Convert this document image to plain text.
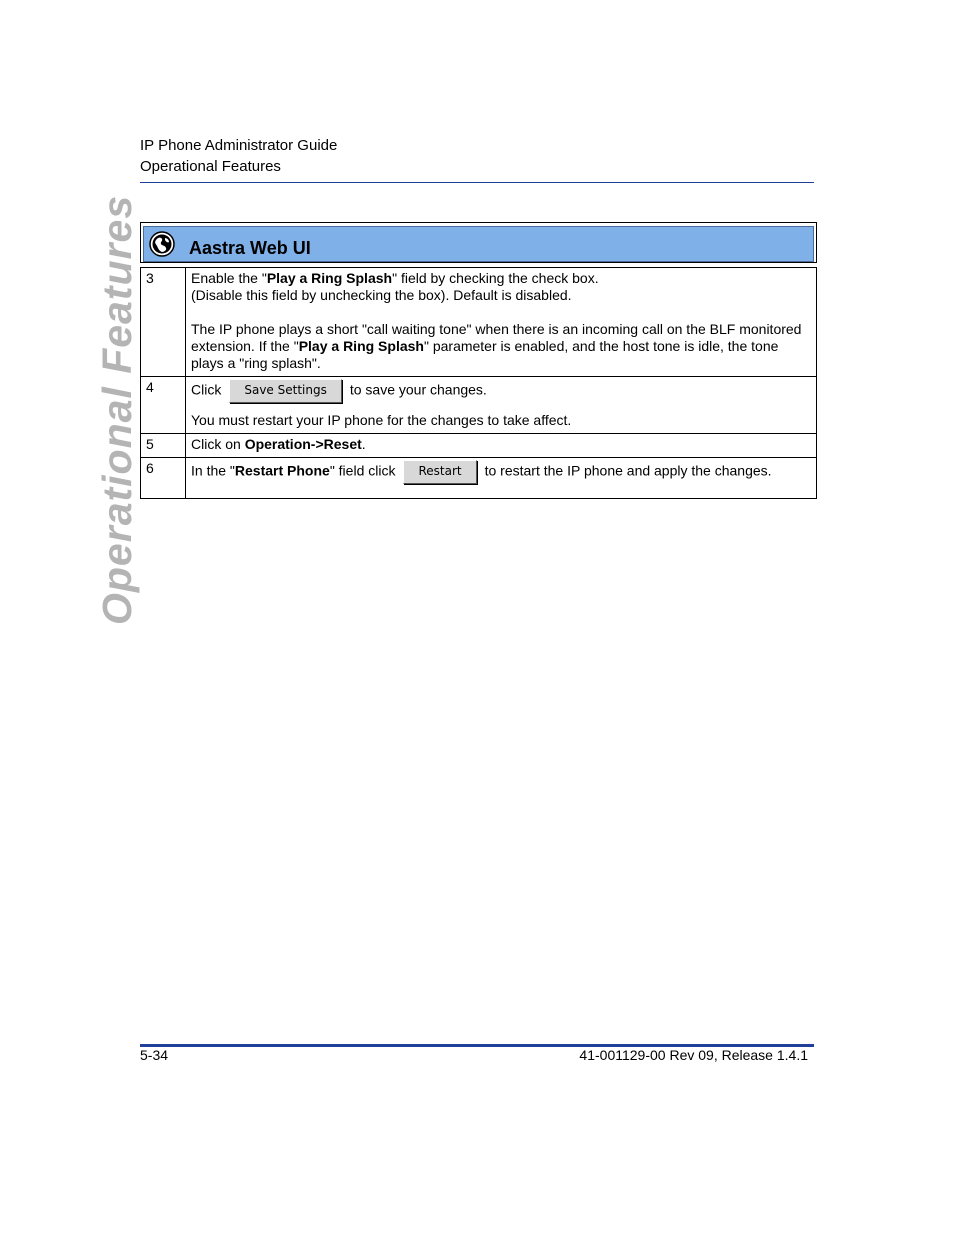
IP Phone Administrator Guide
Operational Features
Operational Features	Aastra Web UI
3	Enable the "Play a Ring Splash" field by checking the check box.

(Disable this field by unchecking the box). Default is disabled.

The IP phone plays a short "call waiting tone" when there is an incoming call on the BLF monitored extension. If the "Play a Ring Splash" parameter is enabled, and the host tone is idle, the tone plays a "ring splash".

4	Click Save Settings to save your changes.

You must restart your IP phone for the changes to take affect.

5	Click on Operation->Reset.

6	In the "Restart Phone" field click Restart to restart the IP phone and apply the changes.

5-34	41-001129-00 Rev 09, Release 1.4.1
